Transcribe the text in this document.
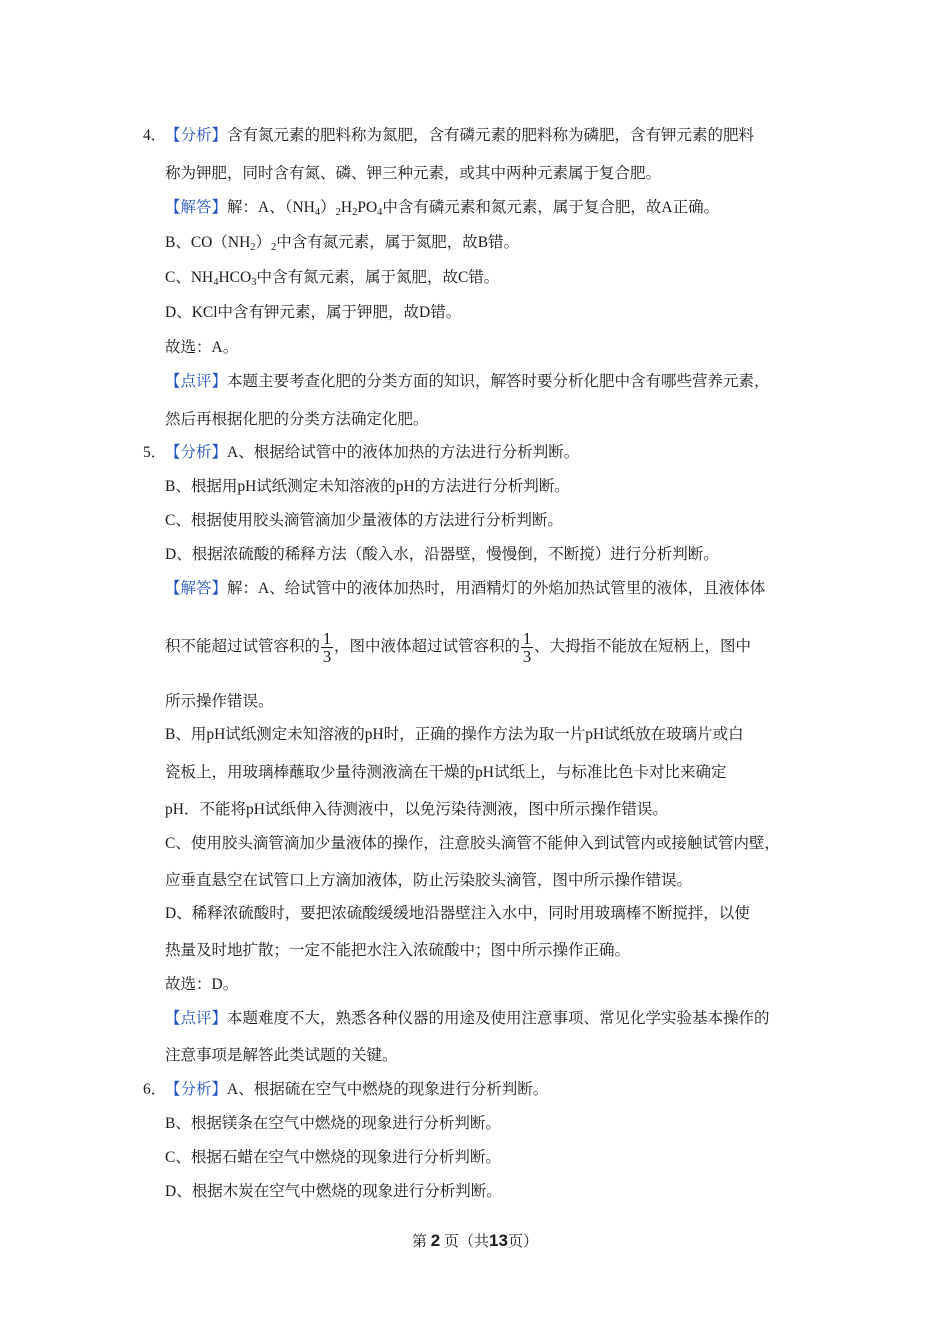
4．
【分析】含有氮元素的肥料称为氮肥，含有磷元素的肥料称为磷肥，含有钾元素的肥料
称为钾肥，同时含有氮、磷、钾三种元素，或其中两种元素属于复合肥。
【解答】解：A、$(NH_4)_2H_2PO_4$中含有磷元素和氮元素，属于复合肥，故A正确。
B、$CO(NH_2)_2$中含有氮元素，属于氮肥，故B错。
C、$NH_4HCO_3$中含有氮元素，属于氮肥，故C错。
D、KCl中含有钾元素，属于钾肥，故D错。
故选：A。
【点评】本题主要考查化肥的分类方面的知识，解答时要分析化肥中含有哪些营养元素，
然后再根据化肥的分类方法确定化肥。
5．
【分析】A、根据给试管中的液体加热的方法进行分析判断。
B、根据用pH试纸测定未知溶液的pH的方法进行分析判断。
C、根据使用胶头滴管滴加少量液体的方法进行分析判断。
D、根据浓硫酸的稀释方法（酸入水，沿器壁，慢慢倒，不断搅）进行分析判断。
【解答】解：A、给试管中的液体加热时，用酒精灯的外焰加热试管里的液体，且液体体
积不能超过试管容积的 $\frac{1}{3}$ ，图中液体超过试管容积的 $\frac{1}{3}$ 、大拇指不能放在短柄上，图中
所示操作错误。
B、用pH试纸测定未知溶液的pH时，正确的操作方法为取一片pH试纸放在玻璃片或白
瓷板上，用玻璃棒蘸取少量待测液滴在干燥的pH试纸上，与标准比色卡对比来确定
pH．不能将pH试纸伸入待测液中，以免污染待测液，图中所示操作错误。
C、使用胶头滴管滴加少量液体的操作，注意胶头滴管不能伸入到试管内或接触试管内壁，
应垂直悬空在试管口上方滴加液体，防止污染胶头滴管，图中所示操作错误。
D、稀释浓硫酸时，要把浓硫酸缓缓地沿器壁注入水中，同时用玻璃棒不断搅拌，以使
热量及时地扩散；一定不能把水注入浓硫酸中；图中所示操作正确。
故选：D。
【点评】本题难度不大，熟悉各种仪器的用途及使用注意事项、常见化学实验基本操作的
注意事项是解答此类试题的关键。
6．
【分析】A、根据硫在空气中燃烧的现象进行分析判断。
B、根据镁条在空气中燃烧的现象进行分析判断。
C、根据石蜡在空气中燃烧的现象进行分析判断。
D、根据木炭在空气中燃烧的现象进行分析判断。
第 2 页（共13页）
